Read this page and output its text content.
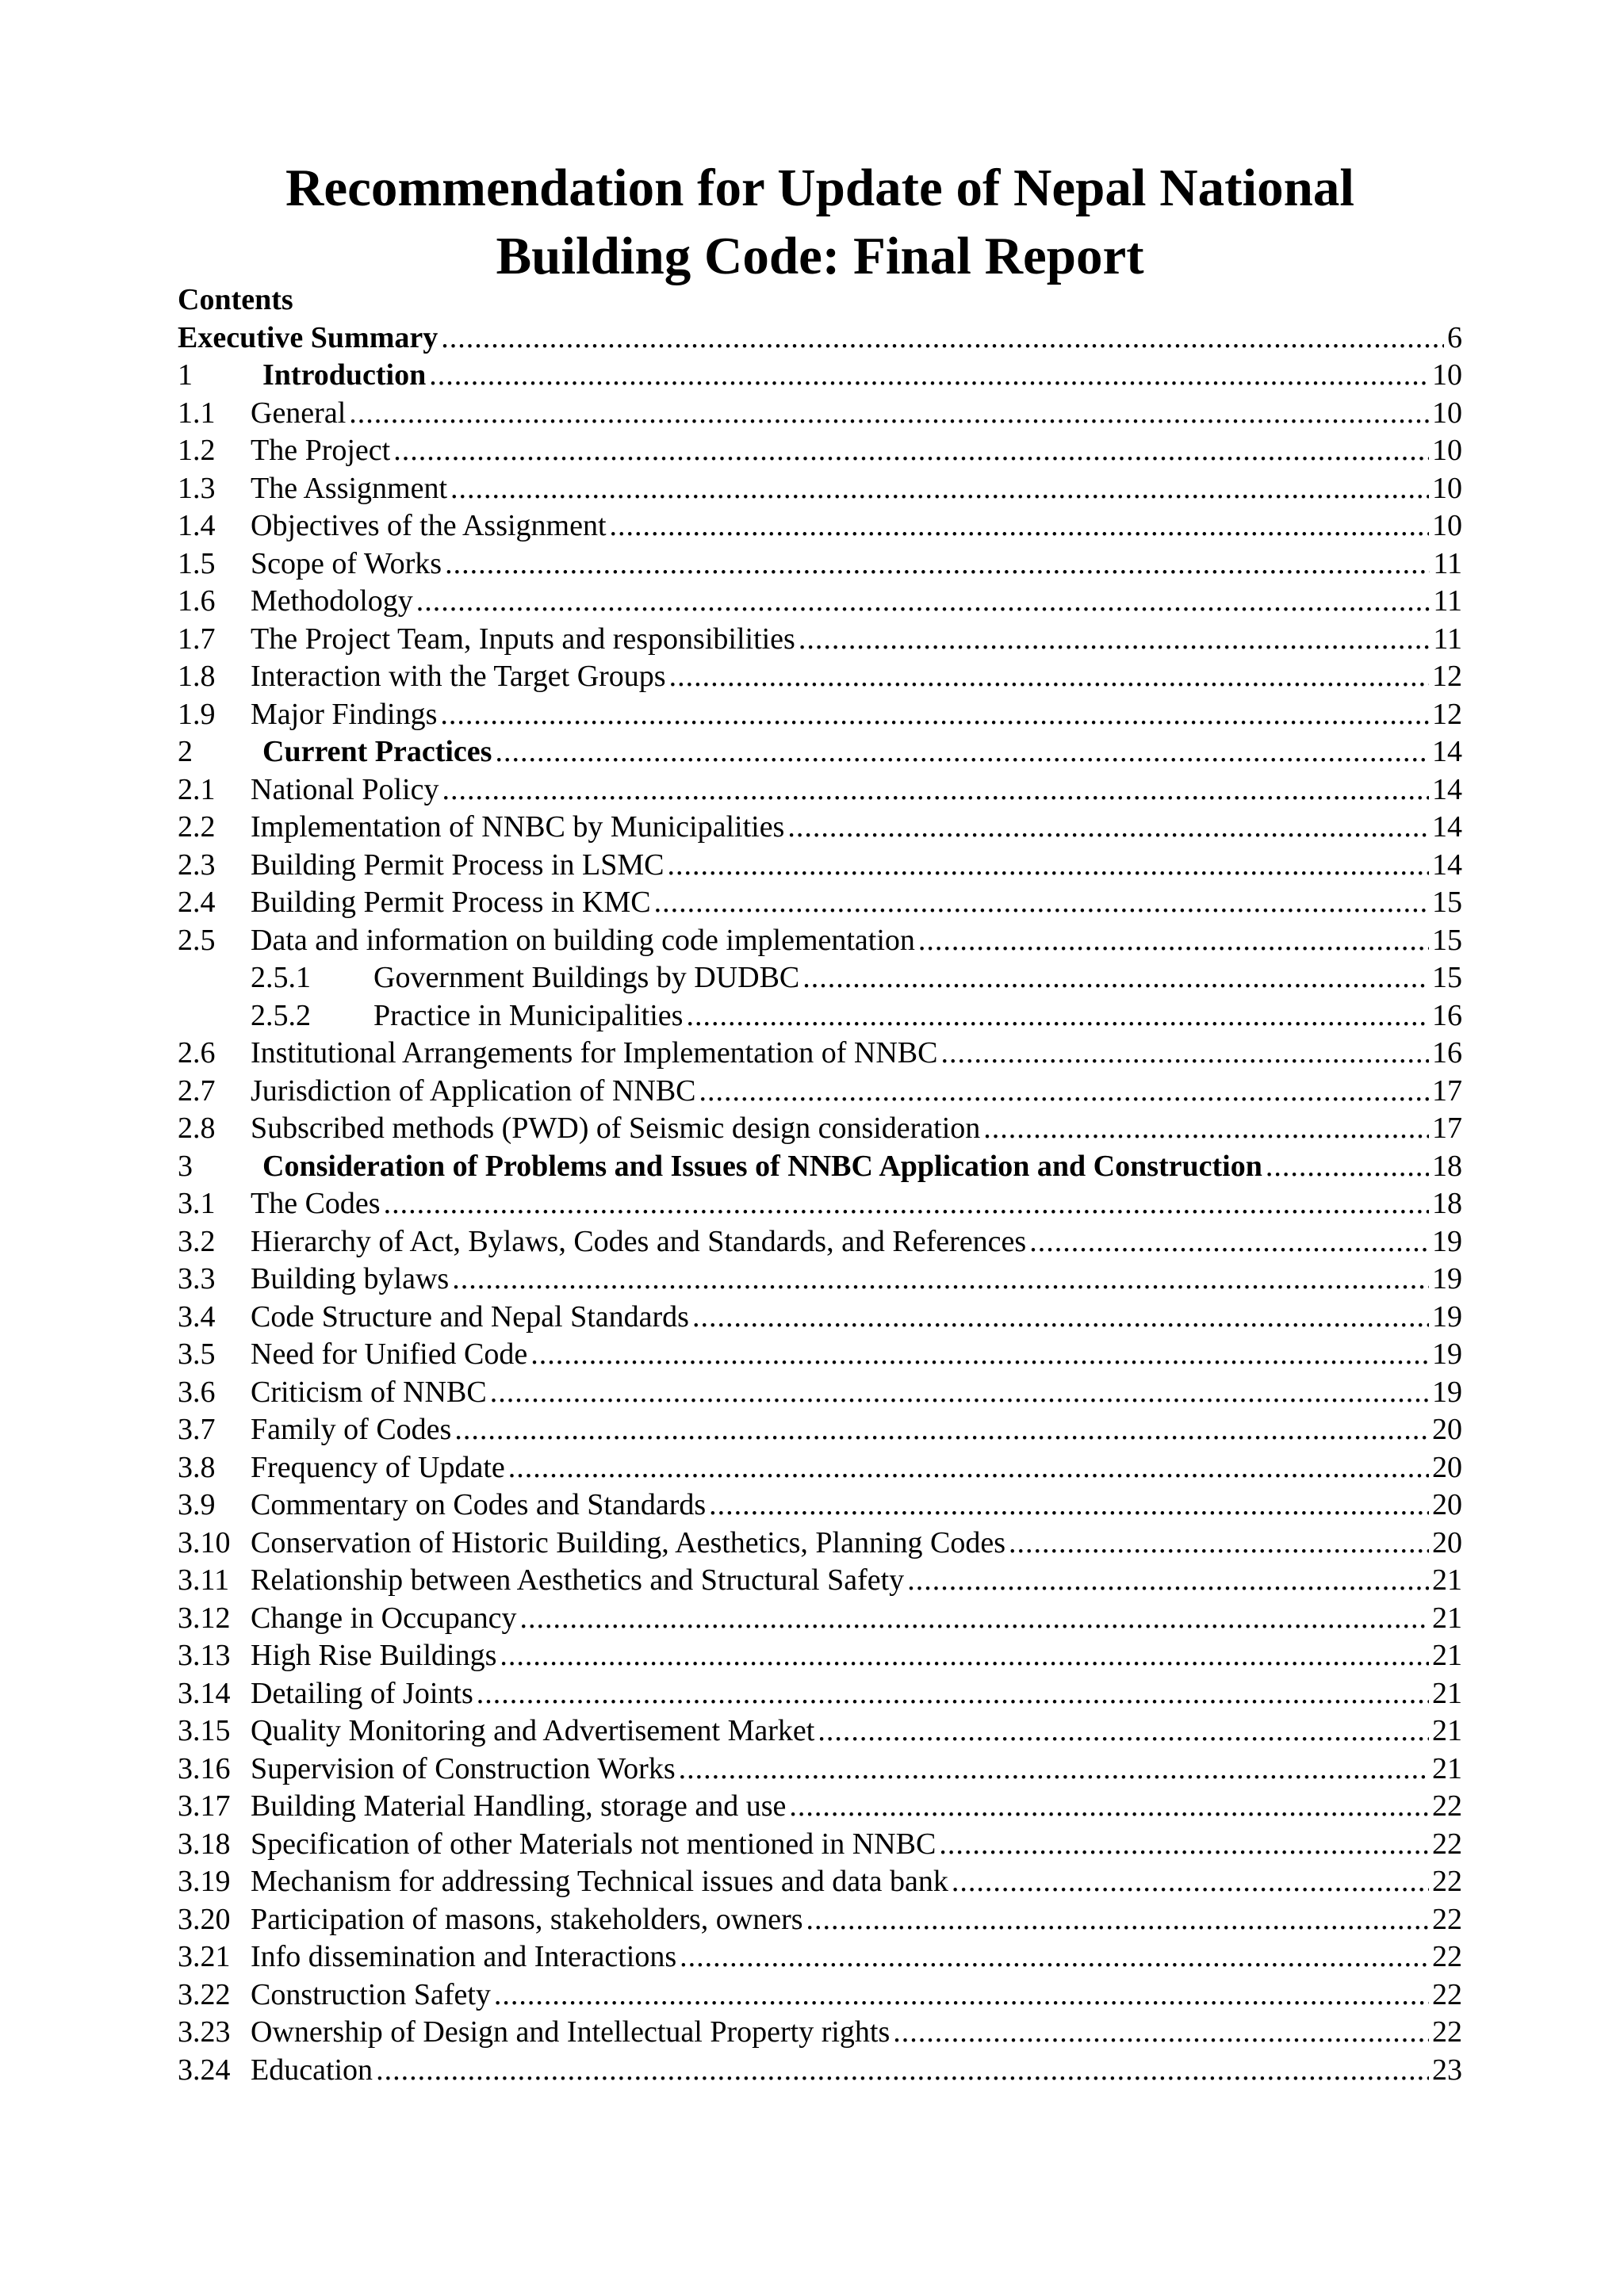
Recommendation for Update of Nepal National
Building Code: Final Report
Contents
Executive Summary .....	6
1	Introduction .....	10
1.1	General .....	10
1.2	The Project .....	10
1.3	The Assignment .....	10
1.4	Objectives of the Assignment .....	10
1.5	Scope of Works .....	11
1.6	Methodology .....	11
1.7	The Project Team, Inputs and responsibilities .....	11
1.8	Interaction with the Target Groups .....	12
1.9	Major Findings .....	12
2	Current Practices .....	14
2.1	National Policy .....	14
2.2	Implementation of NNBC by Municipalities .....	14
2.3	Building Permit Process in LSMC .....	14
2.4	Building Permit Process in KMC .....	15
2.5	Data and information on building code implementation .....	15
2.5.1	Government Buildings by DUDBC .....	15
2.5.2	Practice in Municipalities .....	16
2.6	Institutional Arrangements for Implementation of NNBC .....	16
2.7	Jurisdiction of Application of NNBC .....	17
2.8	Subscribed methods (PWD) of Seismic design consideration .....	17
3	Consideration of Problems and Issues of NNBC Application and Construction .....	18
3.1	The Codes .....	18
3.2	Hierarchy of Act, Bylaws, Codes and Standards, and References .....	19
3.3	Building bylaws .....	19
3.4	Code Structure and Nepal Standards .....	19
3.5	Need for Unified Code .....	19
3.6	Criticism of NNBC .....	19
3.7	Family of Codes .....	20
3.8	Frequency of Update .....	20
3.9	Commentary on Codes and Standards .....	20
3.10 Conservation of Historic Building, Aesthetics, Planning Codes .....	20
3.11 Relationship between Aesthetics and Structural Safety .....	21
3.12 Change in Occupancy .....	21
3.13 High Rise Buildings .....	21
3.14 Detailing of Joints .....	21
3.15 Quality Monitoring and Advertisement Market .....	21
3.16 Supervision of Construction Works .....	21
3.17 Building Material Handling, storage and use .....	22
3.18 Specification of other Materials not mentioned in NNBC .....	22
3.19 Mechanism for addressing Technical issues and data bank .....	22
3.20 Participation of masons, stakeholders, owners .....	22
3.21 Info dissemination and Interactions .....	22
3.22 Construction Safety .....	22
3.23 Ownership of Design and Intellectual Property rights .....	22
3.24 Education .....	23
